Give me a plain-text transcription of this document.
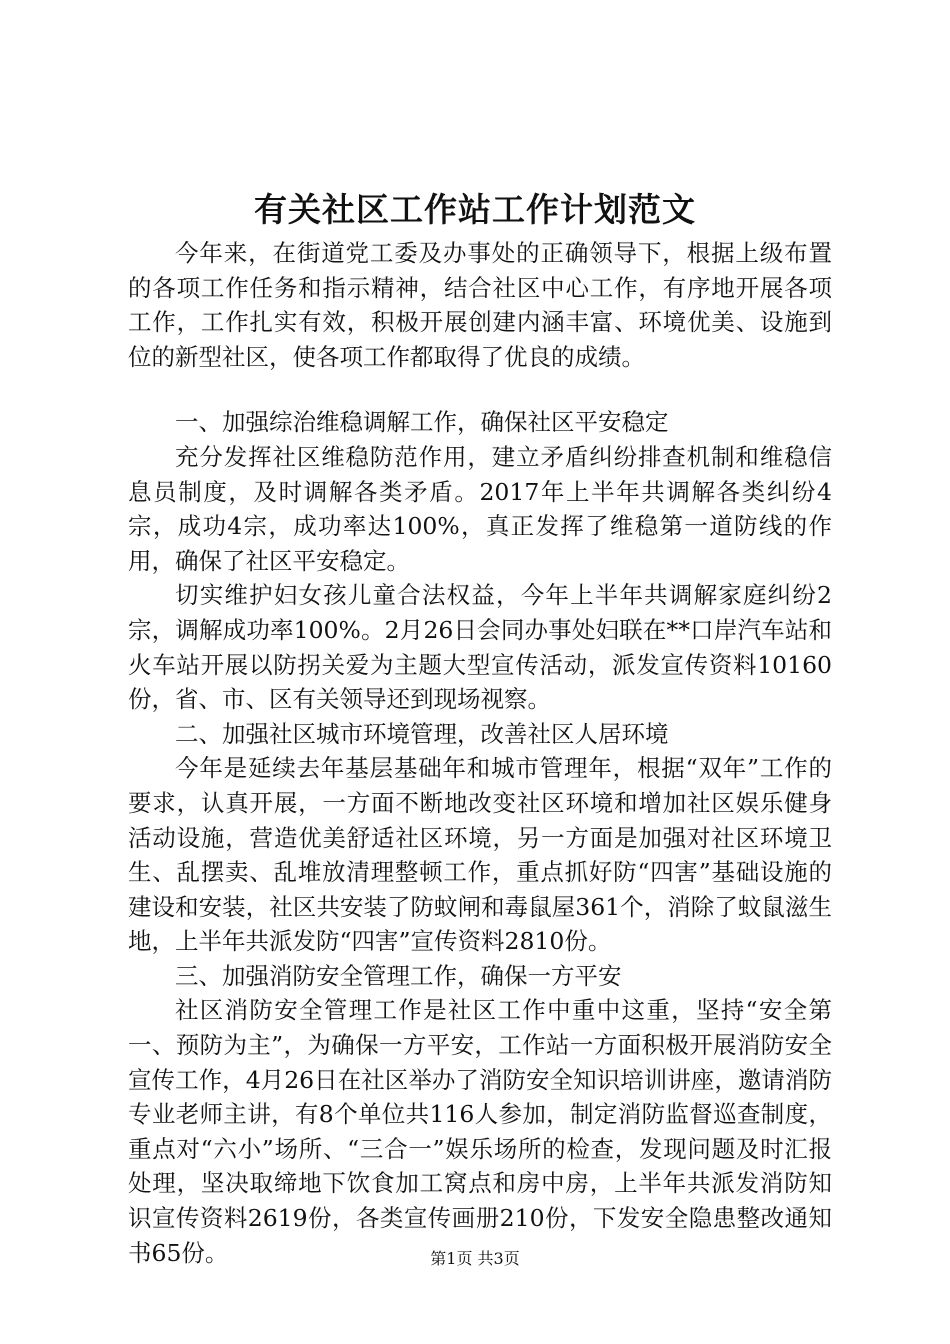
有关社区工作站工作计划范文

今年来，在街道党工委及办事处的正确领导下，根据上级布置的各项工作任务和指示精神，结合社区中心工作，有序地开展各项工作，工作扎实有效，积极开展创建内涵丰富、环境优美、设施到位的新型社区，使各项工作都取得了优良的成绩。

一、加强综治维稳调解工作，确保社区平安稳定

充分发挥社区维稳防范作用，建立矛盾纠纷排查机制和维稳信息员制度，及时调解各类矛盾。2017年上半年共调解各类纠纷4宗，成功4宗，成功率达100%，真正发挥了维稳第一道防线的作用，确保了社区平安稳定。

切实维护妇女孩儿童合法权益，今年上半年共调解家庭纠纷2宗，调解成功率100%。2月26日会同办事处妇联在**口岸汽车站和火车站开展以防拐关爱为主题大型宣传活动，派发宣传资料10160份，省、市、区有关领导还到现场视察。

二、加强社区城市环境管理，改善社区人居环境

今年是延续去年基层基础年和城市管理年，根据“双年”工作的要求，认真开展，一方面不断地改变社区环境和增加社区娱乐健身活动设施，营造优美舒适社区环境，另一方面是加强对社区环境卫生、乱摆卖、乱堆放清理整顿工作，重点抓好防“四害”基础设施的建设和安装，社区共安装了防蚊闸和毒鼠屋361个，消除了蚊鼠滋生地，上半年共派发防“四害”宣传资料2810份。

三、加强消防安全管理工作，确保一方平安

社区消防安全管理工作是社区工作中重中这重，坚持“安全第一、预防为主”，为确保一方平安，工作站一方面积极开展消防安全宣传工作，4月26日在社区举办了消防安全知识培训讲座，邀请消防专业老师主讲，有8个单位共116人参加，制定消防监督巡查制度，重点对“六小”场所、“三合一”娱乐场所的检查，发现问题及时汇报处理，坚决取缔地下饮食加工窝点和房中房，上半年共派发消防知识宣传资料2619份，各类宣传画册210份，下发安全隐患整改通知书65份。	第1页 共3页
